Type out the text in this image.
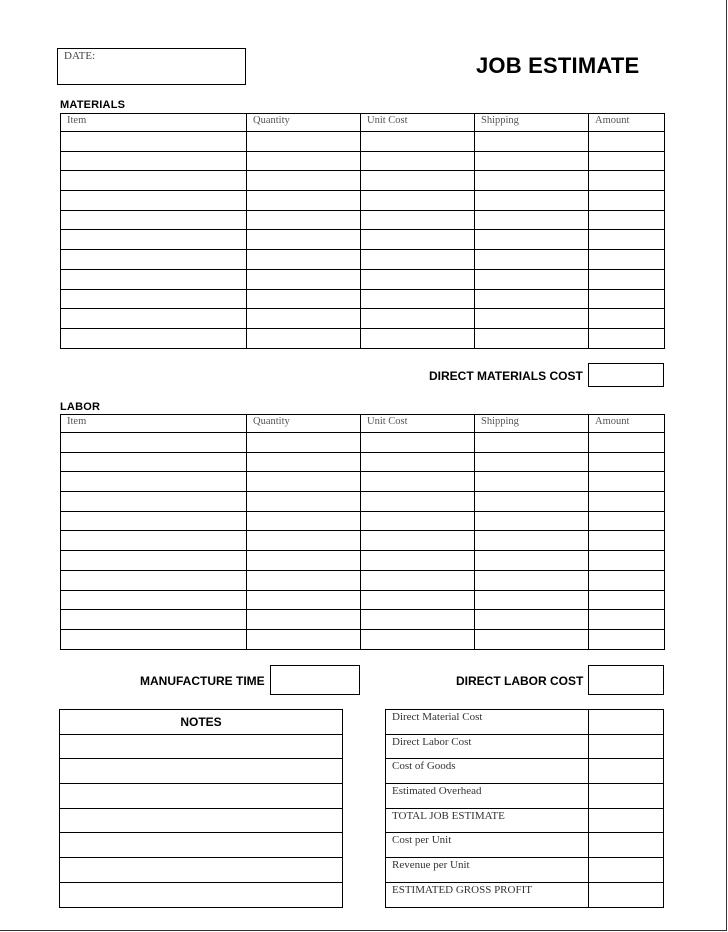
DATE:	JOB ESTIMATE
MATERIALS
Item	Quantity	Unit Cost	Shipping	Amount

DIRECT MATERIALS COST
LABOR
Item	Quantity	Unit Cost	Shipping	Amount

MANUFACTURE TIME	DIRECT LABOR COST
NOTES	Direct Material Cost	
Direct Labor Cost	
Cost of Goods	
Estimated Overhead	
TOTAL JOB ESTIMATE	
Cost per Unit	
Revenue per Unit	
ESTIMATED GROSS PROFIT	
